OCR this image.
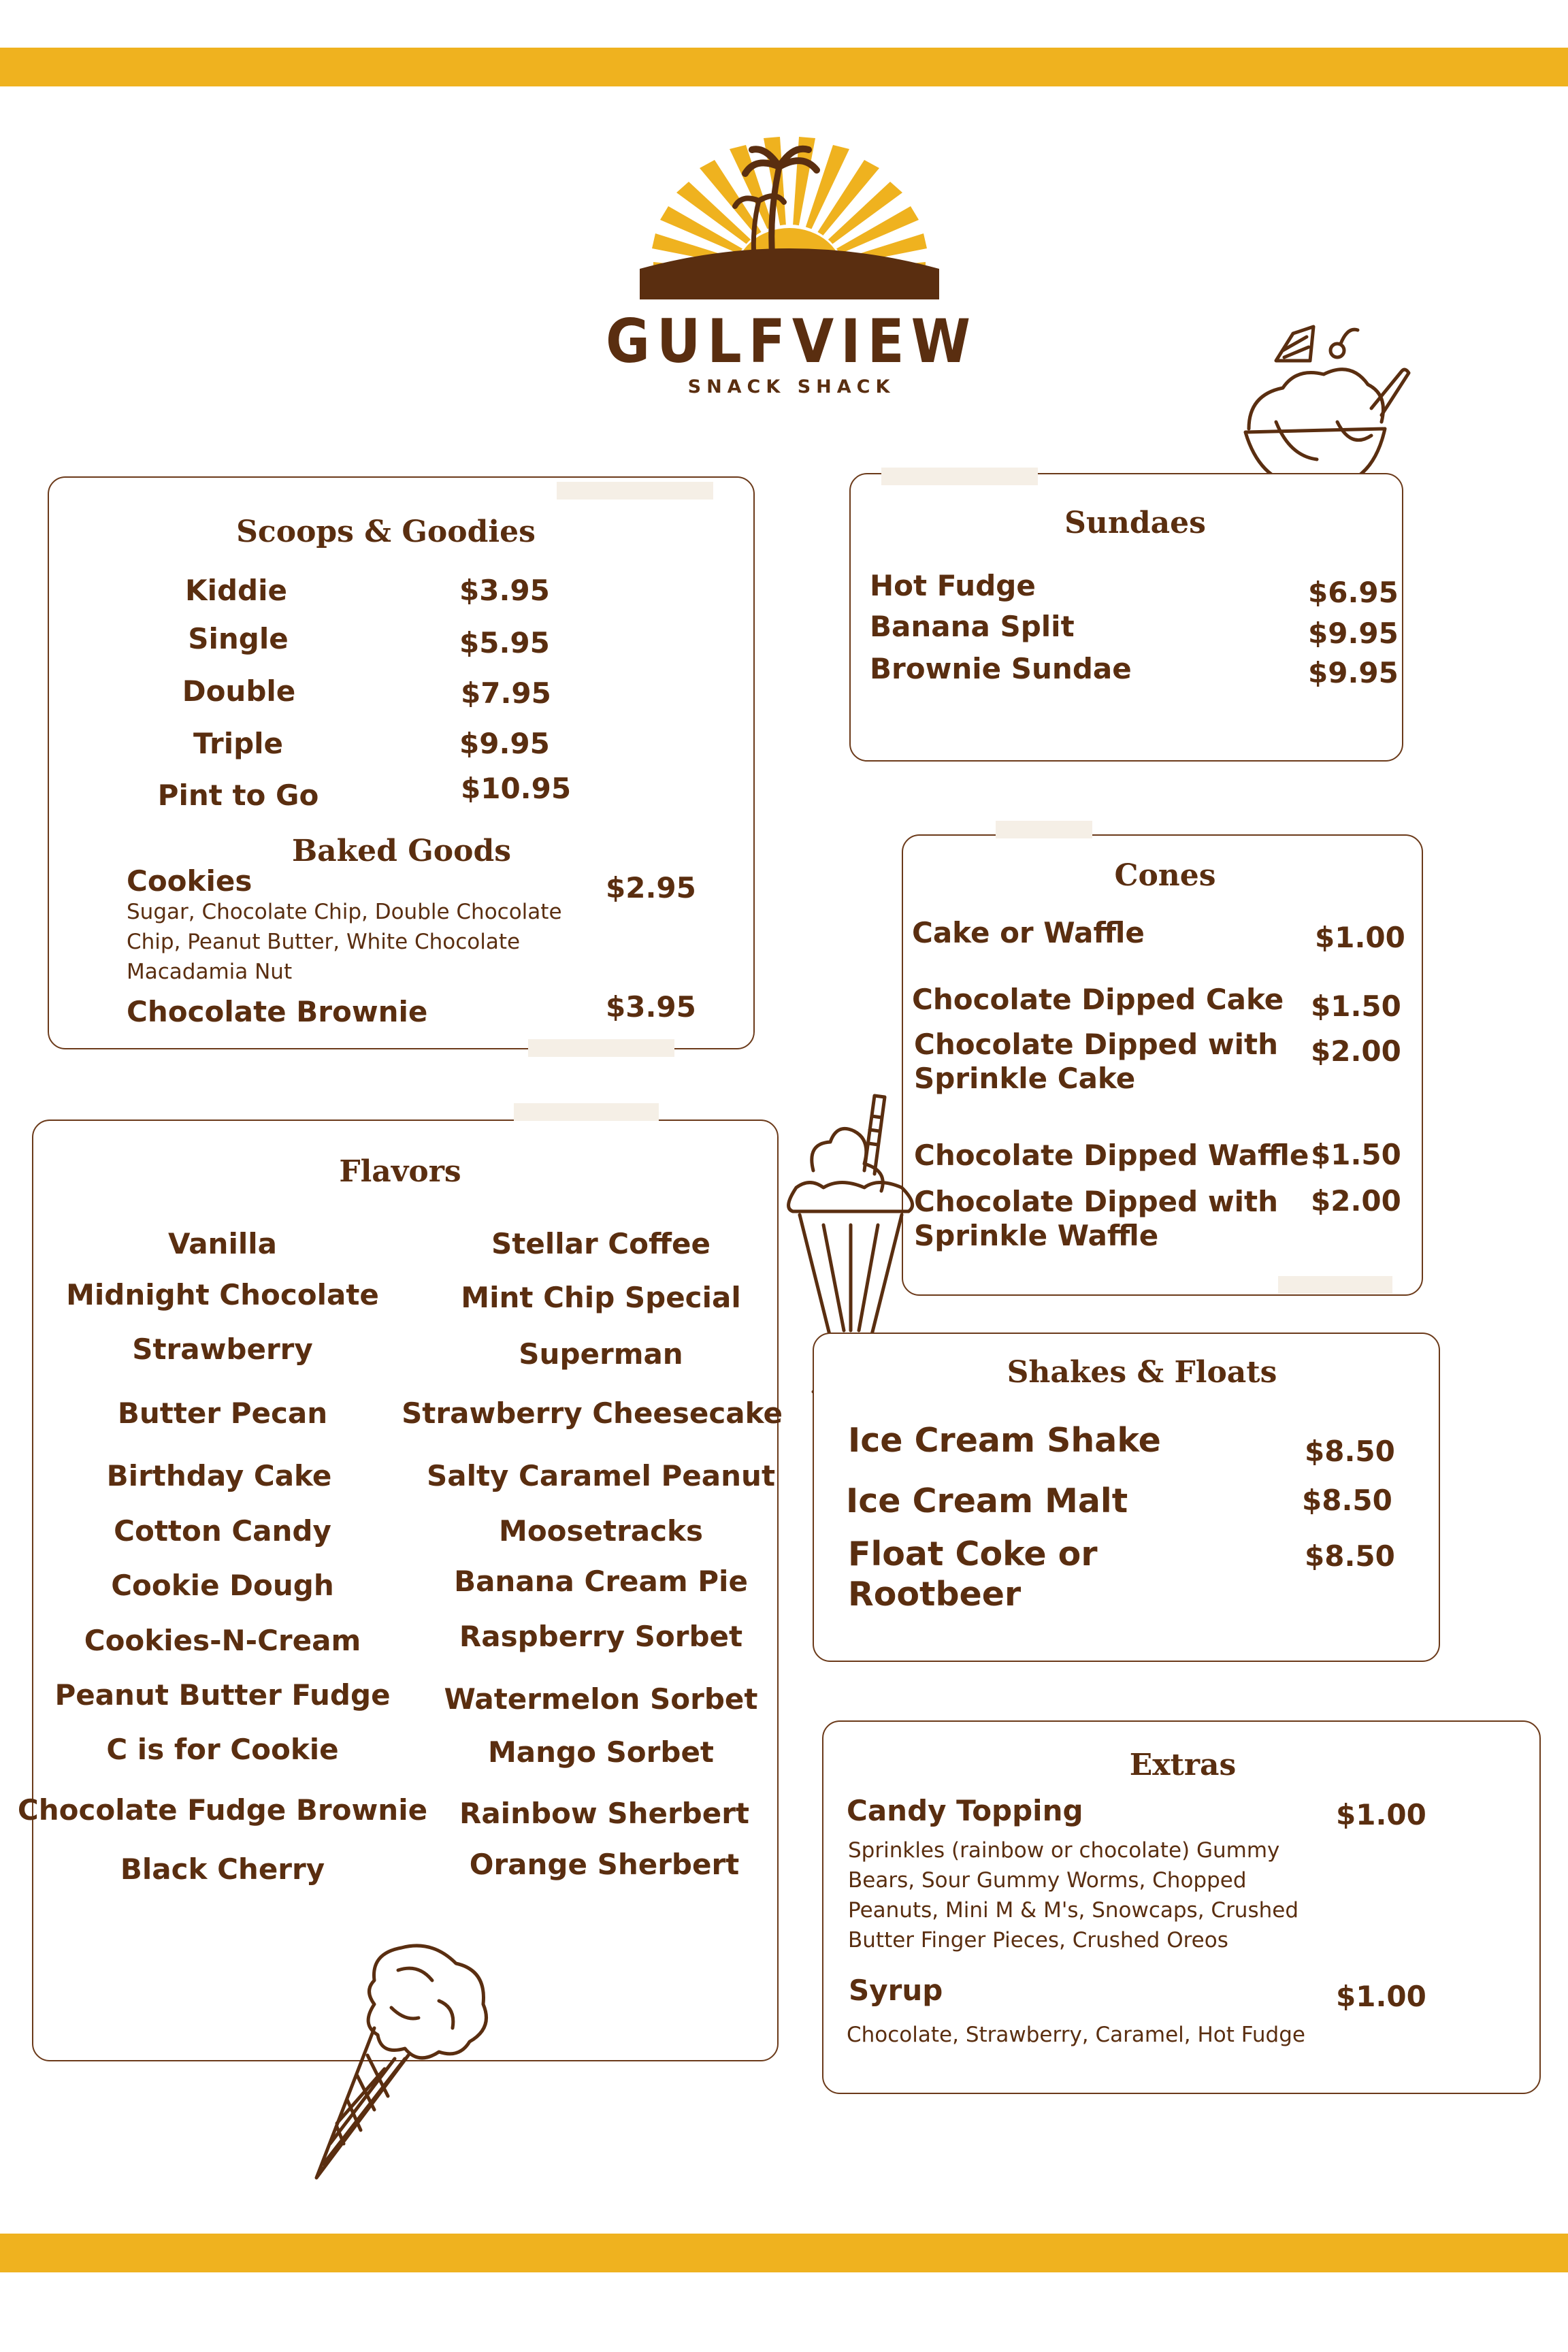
GULFVIEW
SNACK SHACK
Scoops & Goodies
Kiddie	$3.95
Single	$5.95
Double	$7.95
Triple	$9.95
Pint to Go	$10.95
Baked Goods
Cookies	$2.95
Sugar, Chocolate Chip, Double Chocolate
Chip, Peanut Butter, White Chocolate
Macadamia Nut
Chocolate Brownie	$3.95
Sundaes
Hot Fudge	$6.95
Banana Split	$9.95
Brownie Sundae	$9.95
Cones
Cake or Waffle	$1.00
Chocolate Dipped Cake $1.50
Chocolate Dipped with
Sprinkle Cake
$2.00
Chocolate Dipped Waffle $1.50
Chocolate Dipped with
Sprinkle Waffle
$2.00
Flavors
Vanilla
Midnight Chocolate
Strawberry
Butter Pecan
Birthday Cake
Cotton Candy
Cookie Dough
Cookies-N-Cream
Peanut Butter Fudge
C is for Cookie
Chocolate Fudge Brownie
Black Cherry
Stellar Coffee
Mint Chip Special
Superman
Strawberry Cheesecake
Salty Caramel Peanut
Moosetracks
Banana Cream Pie
Raspberry Sorbet
Watermelon Sorbet
Mango Sorbet
Rainbow Sherbert
Orange Sherbert
Shakes & Floats
Ice Cream Shake	$8.50
Ice Cream Malt	$8.50
Float Coke or
Rootbeer
$8.50
Extras
Candy Topping	$1.00
Sprinkles (rainbow or chocolate) Gummy
Bears, Sour Gummy Worms, Chopped
Peanuts, Mini M & M's, Snowcaps, Crushed
Butter Finger Pieces, Crushed Oreos
Syrup	$1.00
Chocolate, Strawberry, Caramel, Hot Fudge
